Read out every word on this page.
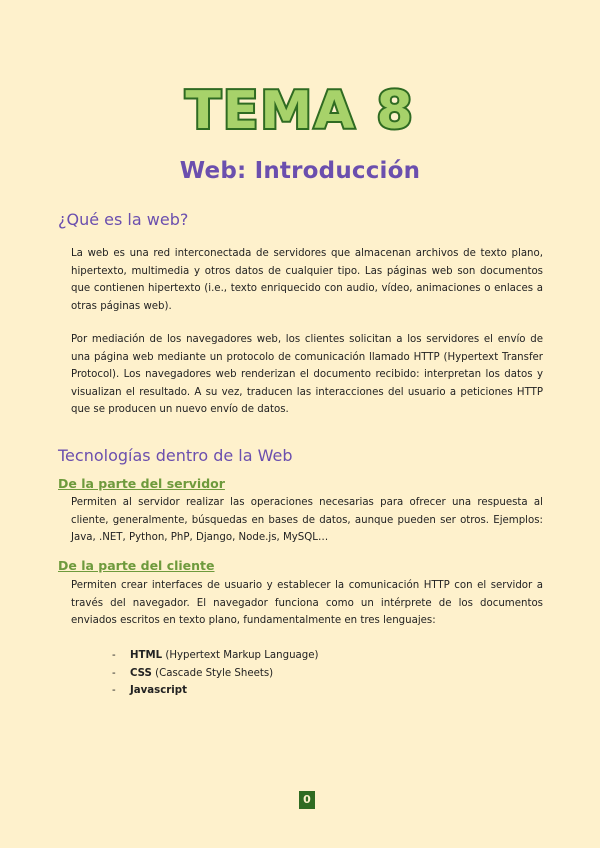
TEMA 8
Web: Introducción
¿Qué es la web?

La web es una red interconectada de servidores que almacenan archivos de texto plano, hipertexto, multimedia y otros datos de cualquier tipo. Las páginas web son documentos que contienen hipertexto (i.e., texto enriquecido con audio, vídeo, animaciones o enlaces a otras páginas web).

Por mediación de los navegadores web, los clientes solicitan a los servidores el envío de una página web mediante un protocolo de comunicación llamado HTTP (Hypertext Transfer Protocol). Los navegadores web renderizan el documento recibido: interpretan los datos y visualizan el resultado. A su vez, traducen las interacciones del usuario a peticiones HTTP que se producen un nuevo envío de datos.

Tecnologías dentro de la Web
De la parte del servidor

Permiten al servidor realizar las operaciones necesarias para ofrecer una respuesta al cliente, generalmente, búsquedas en bases de datos, aunque pueden ser otros. Ejemplos: Java, .NET, Python, PhP, Django, Node.js, MySQL…

De la parte del cliente

Permiten crear interfaces de usuario y establecer la comunicación HTTP con el servidor a través del navegador. El navegador funciona como un intérprete de los documentos enviados escritos en texto plano, fundamentalmente en tres lenguajes:

- HTML (Hypertext Markup Language)
- CSS (Cascade Style Sheets)
- Javascript
0
